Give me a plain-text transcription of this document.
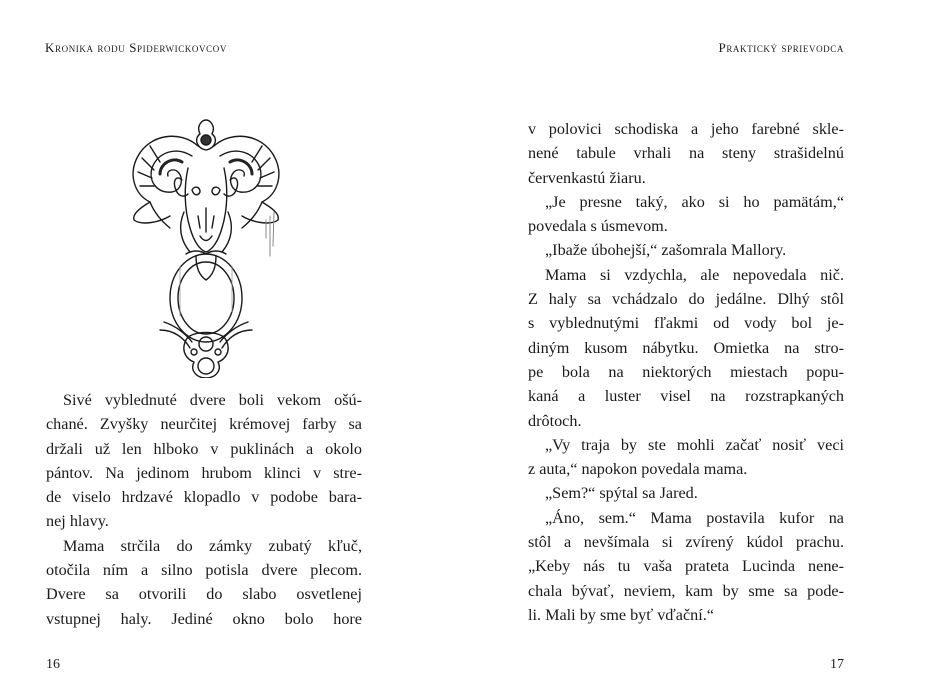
Kronika rodu Spiderwickovcov
Sivé vyblednuté dvere boli vekom ošú-
chané. Zvyšky neurčitej krémovej farby sa
držali už len hlboko v puklinách a okolo
pántov. Na jedinom hrubom klinci v stre-
de viselo hrdzavé klopadlo v podobe bara-
nej hlavy.
Mama strčila do zámky zubatý kľuč,
otočila ním a silno potisla dvere plecom.
Dvere sa otvorili do slabo osvetlenej
vstupnej haly. Jediné okno bolo hore
16
Praktický sprievodca
v polovici schodiska a jeho farebné skle-
nené tabule vrhali na steny strašidelnú
červenkastú žiaru.
„Je presne taký, ako si ho pamätám,“
povedala s úsmevom.
„Ibaže úbohejší,“ zašomrala Mallory.
Mama si vzdychla, ale nepovedala nič.
Z haly sa vchádzalo do jedálne. Dlhý stôl
s vyblednutými fľakmi od vody bol je-
diným kusom nábytku. Omietka na stro-
pe bola na niektorých miestach popu-
kaná a luster visel na rozstrapkaných
drôtoch.
„Vy traja by ste mohli začať nosiť veci
z auta,“ napokon povedala mama.
„Sem?“ spýtal sa Jared.
„Áno, sem.“ Mama postavila kufor na
stôl a nevšímala si zvírený kúdol prachu.
„Keby nás tu vaša prateta Lucinda nene-
chala bývať, neviem, kam by sme sa pode-
li. Mali by sme byť vďační.“
17
